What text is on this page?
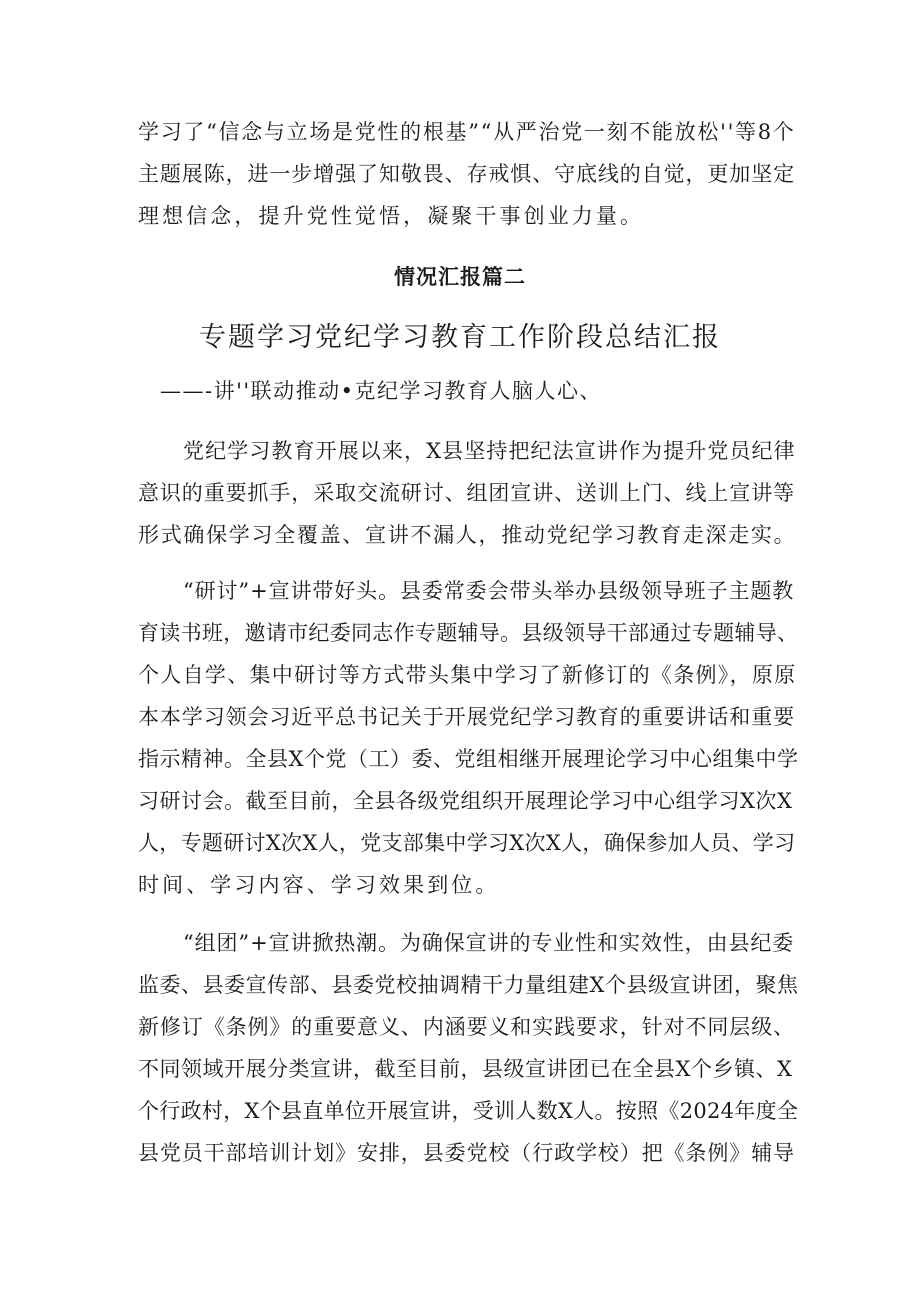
学习了“信念与立场是党性的根基”“从严治党一刻不能放松''等8个
主题展陈，进一步增强了知敬畏、存戒惧、守底线的自觉，更加坚定
理想信念，提升党性觉悟，凝聚干事创业力量。
情况汇报篇二
专题学习党纪学习教育工作阶段总结汇报
——-讲''联动推动•克纪学习教育人脑人心、
党纪学习教育开展以来，X县坚持把纪法宣讲作为提升党员纪律
意识的重要抓手，采取交流研讨、组团宣讲、送训上门、线上宣讲等
形式确保学习全覆盖、宣讲不漏人，推动党纪学习教育走深走实。
“研讨”+宣讲带好头。县委常委会带头举办县级领导班子主题教
育读书班，邀请市纪委同志作专题辅导。县级领导干部通过专题辅导、
个人自学、集中研讨等方式带头集中学习了新修订的《条例》，原原
本本学习领会习近平总书记关于开展党纪学习教育的重要讲话和重要
指示精神。全县X个党（工）委、党组相继开展理论学习中心组集中学
习研讨会。截至目前，全县各级党组织开展理论学习中心组学习X次X
人，专题研讨X次X人，党支部集中学习X次X人，确保参加人员、学习
时间、学习内容、学习效果到位。
“组团”+宣讲掀热潮。为确保宣讲的专业性和实效性，由县纪委
监委、县委宣传部、县委党校抽调精干力量组建X个县级宣讲团，聚焦
新修订《条例》的重要意义、内涵要义和实践要求，针对不同层级、
不同领域开展分类宣讲，截至目前，县级宣讲团已在全县X个乡镇、X
个行政村，X个县直单位开展宣讲，受训人数X人。按照《2024年度全
县党员干部培训计划》安排，县委党校（行政学校）把《条例》辅导
